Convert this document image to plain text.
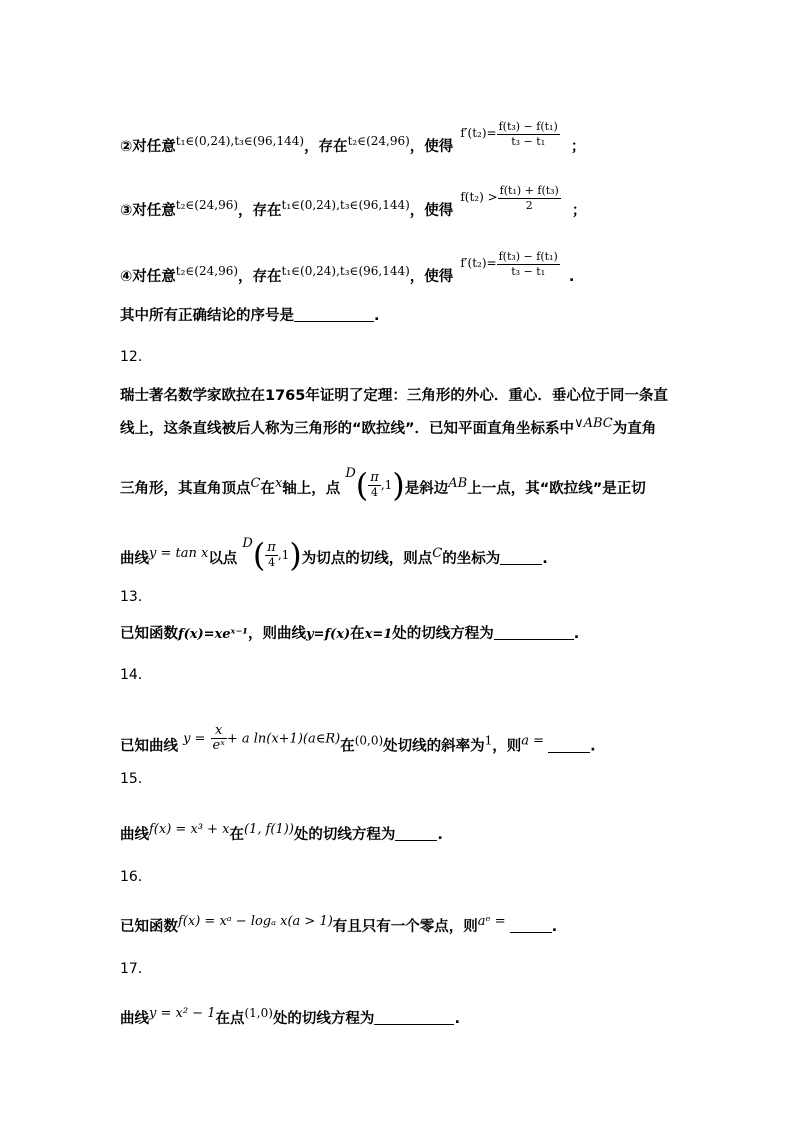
②对任意$^{t_1\in(0,24),t_3\in(96,144)}$，存在$^{t_2\in(24,96)}$，使得 $^{f'(t_2)=} \frac{\text{f(t₃) − f(t₁)}}{\text{t₃ − t₁}}$ ；
③对任意$^{t_2\in(24,96)}$，存在$^{t_1\in(0,24),t_3\in(96,144)}$，使得 $^{f(t_2) >} \frac{\text{f(t₁) + f(t₃)}}{2}$ ；
④对任意$^{t_2\in(24,96)}$，存在$^{t_1\in(0,24),t_3\in(96,144)}$，使得 $^{f'(t_2)=} \frac{\text{f(t₃) − f(t₁)}}{\text{t₃ − t₁}}$ .
其中所有正确结论的序号是	.
12．
瑞士著名数学家欧拉在1765年证明了定理：三角形的外心．重心．垂心位于同一条直
线上，这条直线被后人称为三角形的“欧拉线”．已知平面直角坐标系中∨ABC为直角
三角形，其直角顶点C在x轴上，点 $D( \frac{\pi}{4} ,1)$是斜边AB上一点，其“欧拉线”是正切
曲线y = tan x以点 $D( \frac{\pi}{4} ,1)$为切点的切线，则点C的坐标为	.
13．
已知函数f(x)=xeˣ⁻¹，则曲线y=f(x)在x=1处的切线方程为	.
14．
已知曲线 $y = \frac{x}{\text{eˣ}} + a$ ln(x+1)(a∈R)在$^{(0,0)}$处切线的斜率为$^1$，则a =	.
15．
曲线f(x) = x³ + x在(1, f(1))处的切线方程为	.
16．
已知函数f(x) = xᵃ − logₐ x(a > 1)有且只有一个零点，则aᵉ =	.
17．
曲线y = x² − 1在点$^{(1,0)}$处的切线方程为	.
